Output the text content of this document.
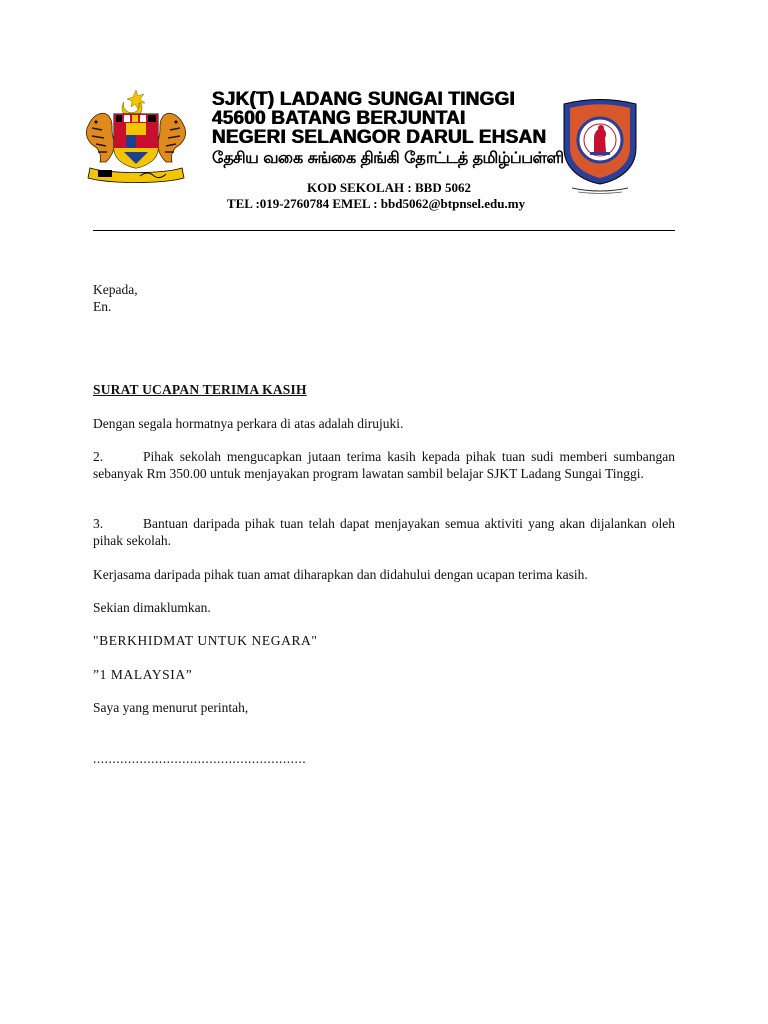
SJK(T) LADANG SUNGAI TINGGI
45600 BATANG BERJUNTAI
NEGERI SELANGOR DARUL EHSAN
தேசிய வகை சுங்கை திங்கி தோட்டத் தமிழ்ப்பள்ளி
KOD SEKOLAH : BBD 5062
TEL :019-2760784 EMEL : bbd5062@btpnsel.edu.my
Kepada,
En.
SURAT UCAPAN TERIMA KASIH
Dengan segala hormatnya perkara di atas adalah dirujuki.
2.	Pihak sekolah mengucapkan jutaan terima kasih kepada pihak tuan sudi memberi sumbangan sebanyak Rm 350.00 untuk menjayakan program lawatan sambil belajar SJKT Ladang Sungai Tinggi.
3.	Bantuan daripada pihak tuan telah dapat menjayakan semua aktiviti yang akan dijalankan oleh pihak sekolah.
Kerjasama daripada pihak tuan amat diharapkan dan didahului dengan ucapan terima kasih.
Sekian dimaklumkan.
"BERKHIDMAT UNTUK NEGARA"
”1 MALAYSIA”
Saya yang menurut perintah,
.......................................................
